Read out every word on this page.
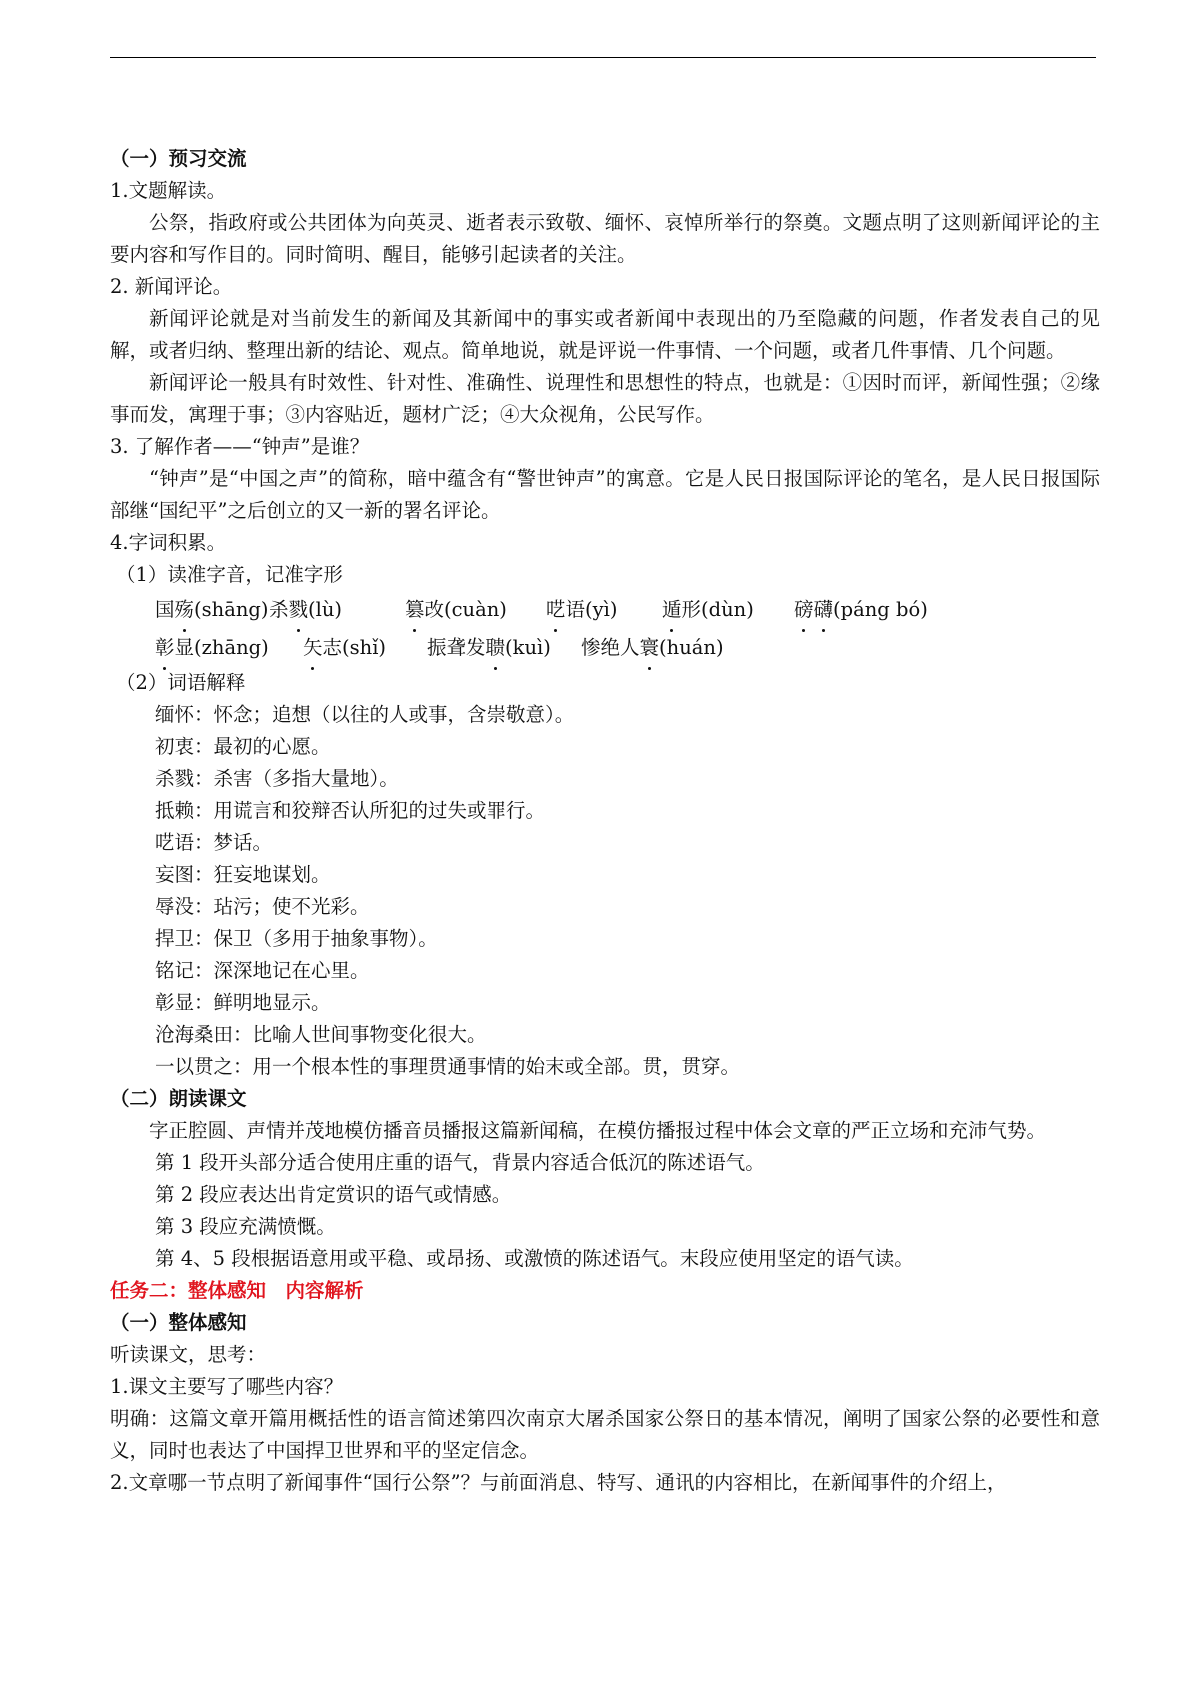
（一）预习交流
1.文题解读。
公祭，指政府或公共团体为向英灵、逝者表示致敬、缅怀、哀悼所举行的祭奠。文题点明了这则新闻评论的主要内容和写作目的。同时简明、醒目，能够引起读者的关注。
2. 新闻评论。
新闻评论就是对当前发生的新闻及其新闻中的事实或者新闻中表现出的乃至隐藏的问题，作者发表自己的见解，或者归纳、整理出新的结论、观点。简单地说，就是评说一件事情、一个问题，或者几件事情、几个问题。
新闻评论一般具有时效性、针对性、准确性、说理性和思想性的特点，也就是：①因时而评，新闻性强；②缘事而发，寓理于事；③内容贴近，题材广泛；④大众视角，公民写作。
3. 了解作者——“钟声”是谁？
“钟声”是“中国之声”的简称，暗中蕴含有“警世钟声”的寓意。它是人民日报国际评论的笔名，是人民日报国际部继“国纪平”之后创立的又一新的署名评论。
4.字词积累。
（1）读准字音，记准字形
国殇(shāng) 杀戮(lù)	篡改(cuàn)	呓语(yì)	遁形(dùn)	磅礴(páng bó)
彰显(zhāng)	矢志(shǐ)	振聋发聩(kuì)	惨绝人寰(huán)
（2）词语解释
缅怀：怀念；追想（以往的人或事，含崇敬意）。
初衷：最初的心愿。
杀戮：杀害（多指大量地）。
抵赖：用谎言和狡辩否认所犯的过失或罪行。
呓语：梦话。
妄图：狂妄地谋划。
辱没：玷污；使不光彩。
捍卫：保卫（多用于抽象事物）。
铭记：深深地记在心里。
彰显：鲜明地显示。
沧海桑田：比喻人世间事物变化很大。
一以贯之：用一个根本性的事理贯通事情的始末或全部。贯，贯穿。
（二）朗读课文
字正腔圆、声情并茂地模仿播音员播报这篇新闻稿，在模仿播报过程中体会文章的严正立场和充沛气势。
第 1 段开头部分适合使用庄重的语气，背景内容适合低沉的陈述语气。
第 2 段应表达出肯定赏识的语气或情感。
第 3 段应充满愤慨。
第 4、5 段根据语意用或平稳、或昂扬、或激愤的陈述语气。末段应使用坚定的语气读。
任务二：整体感知　内容解析
（一）整体感知
听读课文，思考：
1.课文主要写了哪些内容？
明确：这篇文章开篇用概括性的语言简述第四次南京大屠杀国家公祭日的基本情况，阐明了国家公祭的必要性和意义，同时也表达了中国捍卫世界和平的坚定信念。
2.文章哪一节点明了新闻事件“国行公祭”？与前面消息、特写、通讯的内容相比，在新闻事件的介绍上，
